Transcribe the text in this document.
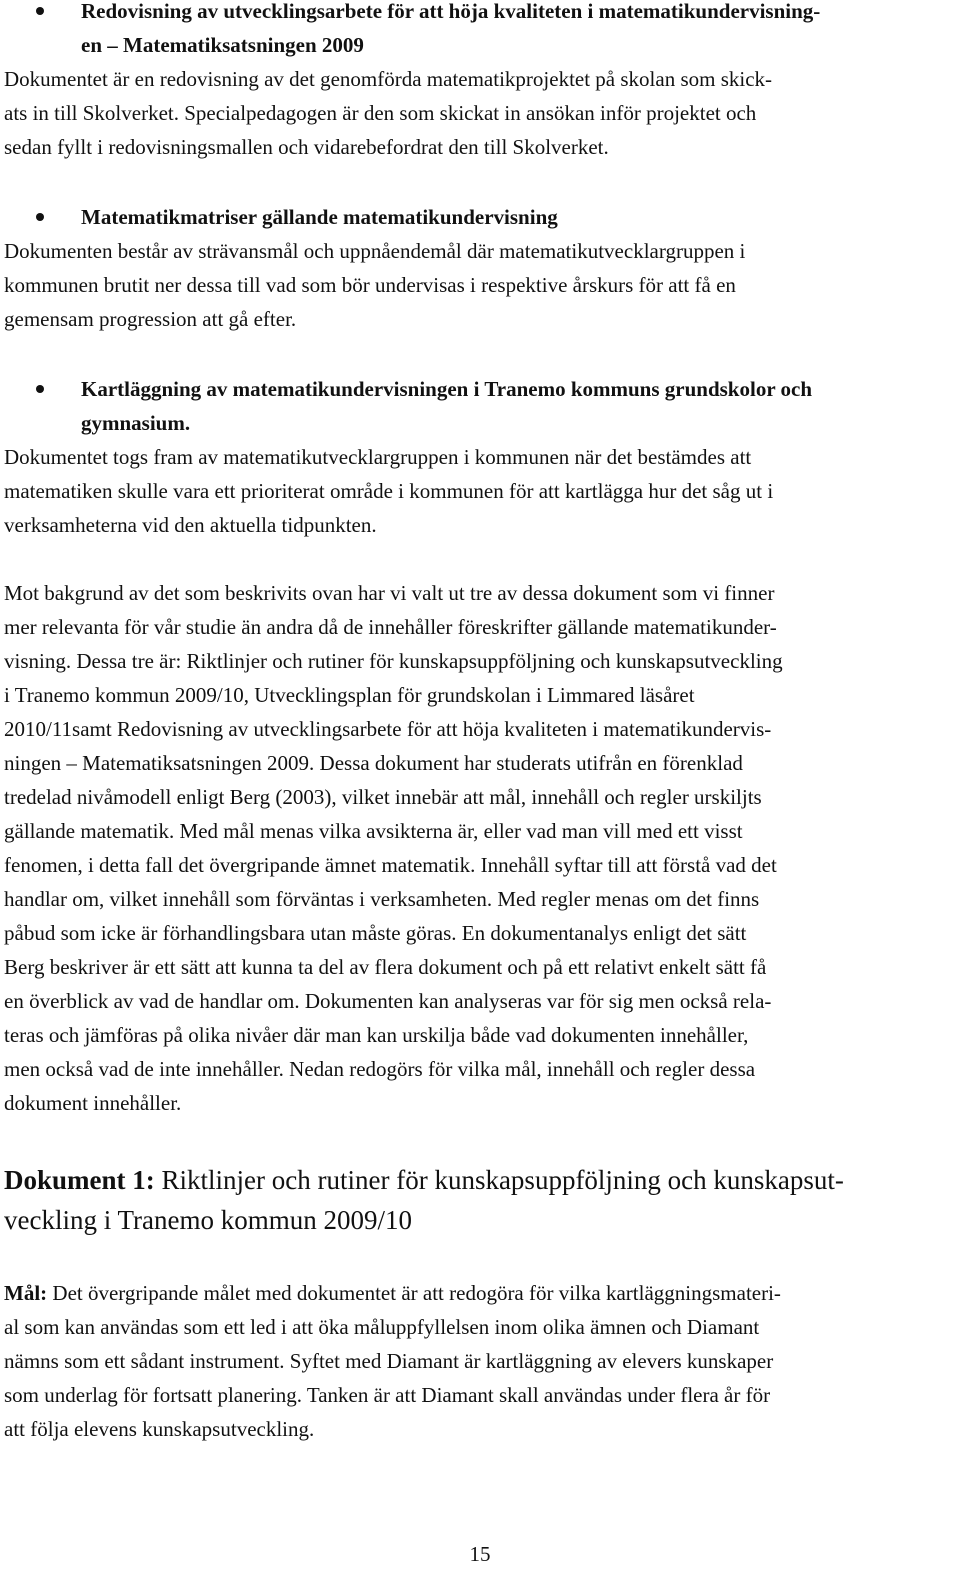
Redovisning av utvecklingsarbete för att höja kvaliteten i matematikundervisning-
en – Matematiksatsningen 2009
Dokumentet är en redovisning av det genomförda matematikprojektet på skolan som skick-
ats in till Skolverket. Specialpedagogen är den som skickat in ansökan inför projektet och
sedan fyllt i redovisningsmallen och vidarebefordrat den till Skolverket.
Matematikmatriser gällande matematikundervisning
Dokumenten består av strävansmål och uppnåendemål där matematikutvecklargruppen i
kommunen brutit ner dessa till vad som bör undervisas i respektive årskurs för att få en
gemensam progression att gå efter.
Kartläggning av matematikundervisningen i Tranemo kommuns grundskolor och
gymnasium.
Dokumentet togs fram av matematikutvecklargruppen i kommunen när det bestämdes att
matematiken skulle vara ett prioriterat område i kommunen för att kartlägga hur det såg ut i
verksamheterna vid den aktuella tidpunkten.
Mot bakgrund av det som beskrivits ovan har vi valt ut tre av dessa dokument som vi finner
mer relevanta för vår studie än andra då de innehåller föreskrifter gällande matematikunder-
visning. Dessa tre är: Riktlinjer och rutiner för kunskapsuppföljning och kunskapsutveckling
i Tranemo kommun 2009/10, Utvecklingsplan för grundskolan i Limmared läsåret
2010/11samt Redovisning av utvecklingsarbete för att höja kvaliteten i matematikundervis-
ningen – Matematiksatsningen 2009. Dessa dokument har studerats utifrån en förenklad
tredelad nivåmodell enligt Berg (2003), vilket innebär att mål, innehåll och regler urskiljts
gällande matematik. Med mål menas vilka avsikterna är, eller vad man vill med ett visst
fenomen, i detta fall det övergripande ämnet matematik. Innehåll syftar till att förstå vad det
handlar om, vilket innehåll som förväntas i verksamheten. Med regler menas om det finns
påbud som icke är förhandlingsbara utan måste göras. En dokumentanalys enligt det sätt
Berg beskriver är ett sätt att kunna ta del av flera dokument och på ett relativt enkelt sätt få
en överblick av vad de handlar om. Dokumenten kan analyseras var för sig men också rela-
teras och jämföras på olika nivåer där man kan urskilja både vad dokumenten innehåller,
men också vad de inte innehåller. Nedan redogörs för vilka mål, innehåll och regler dessa
dokument innehåller.
Dokument 1: Riktlinjer och rutiner för kunskapsuppföljning och kunskapsut-
veckling i Tranemo kommun 2009/10
Mål: Det övergripande målet med dokumentet är att redogöra för vilka kartläggningsmateri-
al som kan användas som ett led i att öka måluppfyllelsen inom olika ämnen och Diamant
nämns som ett sådant instrument. Syftet med Diamant är kartläggning av elevers kunskaper
som underlag för fortsatt planering. Tanken är att Diamant skall användas under flera år för
att följa elevens kunskapsutveckling.
15
